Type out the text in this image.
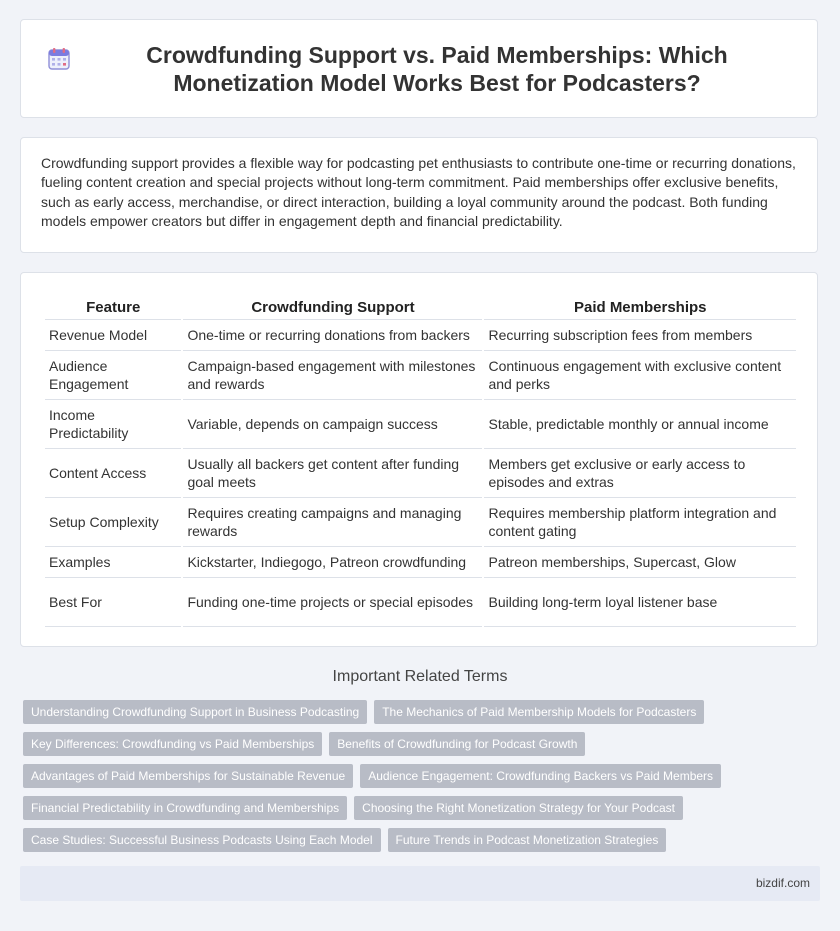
Crowdfunding Support vs. Paid Memberships: Which Monetization Model Works Best for Podcasters?

Crowdfunding support provides a flexible way for podcasting pet enthusiasts to contribute one-time or recurring donations, fueling content creation and special projects without long-term commitment. Paid memberships offer exclusive benefits, such as early access, merchandise, or direct interaction, building a loyal community around the podcast. Both funding models empower creators but differ in engagement depth and financial predictability.

Feature	Crowdfunding Support	Paid Memberships
Revenue Model	One-time or recurring donations from backers	Recurring subscription fees from members
Audience Engagement	Campaign-based engagement with milestones and rewards	Continuous engagement with exclusive content and perks
Income Predictability	Variable, depends on campaign success	Stable, predictable monthly or annual income
Content Access	Usually all backers get content after funding goal meets	Members get exclusive or early access to episodes and extras
Setup Complexity	Requires creating campaigns and managing rewards	Requires membership platform integration and content gating
Examples	Kickstarter, Indiegogo, Patreon crowdfunding	Patreon memberships, Supercast, Glow
Best For	Funding one-time projects or special episodes	Building long-term loyal listener base
Important Related Terms
Understanding Crowdfunding Support in Business Podcasting	The Mechanics of Paid Membership Models for Podcasters
Key Differences: Crowdfunding vs Paid Memberships	Benefits of Crowdfunding for Podcast Growth
Advantages of Paid Memberships for Sustainable Revenue	Audience Engagement: Crowdfunding Backers vs Paid Members
Financial Predictability in Crowdfunding and Memberships	Choosing the Right Monetization Strategy for Your Podcast
Case Studies: Successful Business Podcasts Using Each Model	Future Trends in Podcast Monetization Strategies
bizdif.com
